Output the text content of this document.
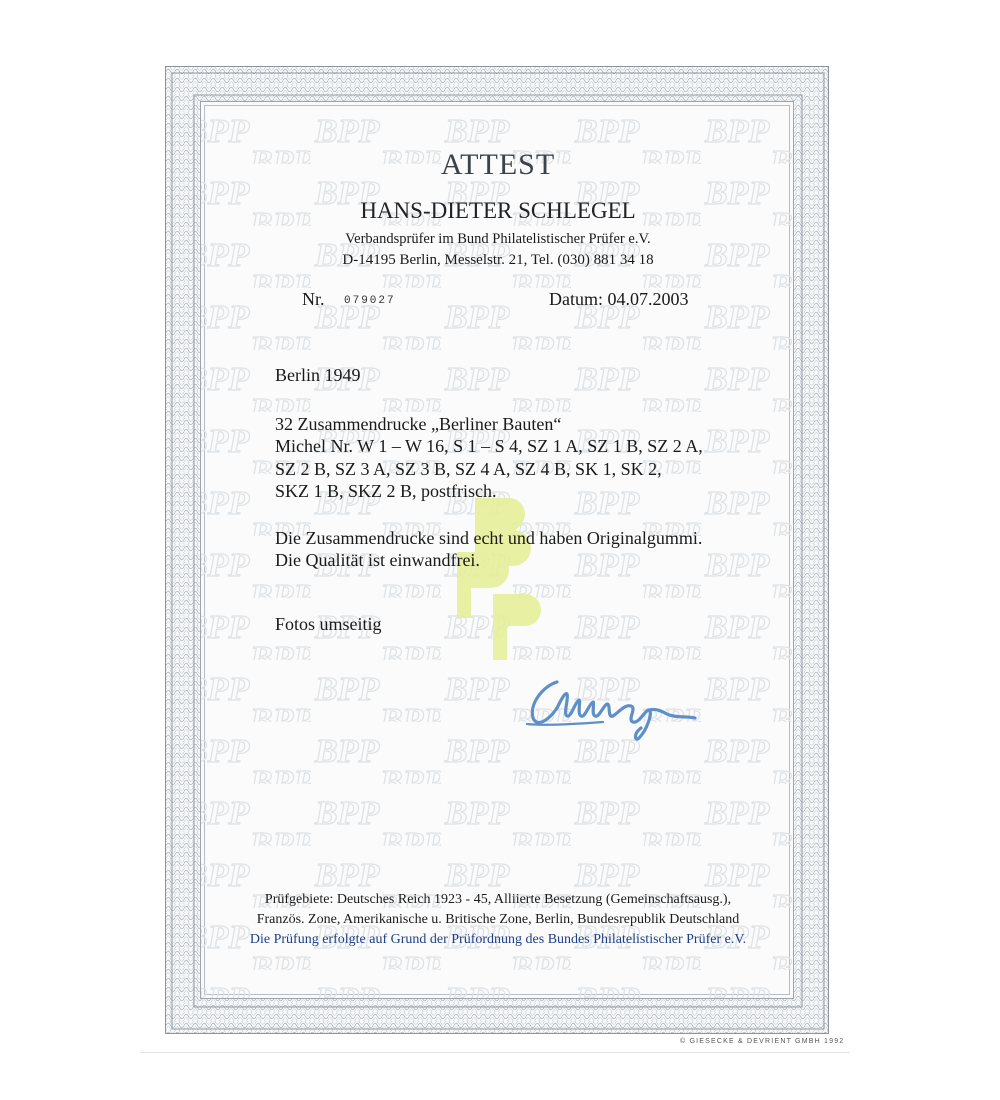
ATTEST
HANS-DIETER SCHLEGEL
Verbandsprüfer im Bund Philatelistischer Prüfer e.V.
D-14195 Berlin, Messelstr. 21, Tel. (030) 881 34 18
Nr. 079027	Datum: 04.07.2003
Berlin 1949
32 Zusammendrucke „Berliner Bauten“
Michel Nr. W 1 – W 16, S 1 – S 4, SZ 1 A, SZ 1 B, SZ 2 A,
SZ 2 B, SZ 3 A, SZ 3 B, SZ 4 A, SZ 4 B, SK 1, SK 2,
SKZ 1 B, SKZ 2 B, postfrisch.
Die Zusammendrucke sind echt und haben Originalgummi.
Die Qualität ist einwandfrei.
Fotos umseitig
Prüfgebiete: Deutsches Reich 1923 - 45, Alliierte Besetzung (Gemeinschaftsausg.),
Französ. Zone, Amerikanische u. Britische Zone, Berlin, Bundesrepublik Deutschland
Die Prüfung erfolgte auf Grund der Prüfordnung des Bundes Philatelistischer Prüfer e.V.
© GIESECKE & DEVRIENT GMBH 1992
